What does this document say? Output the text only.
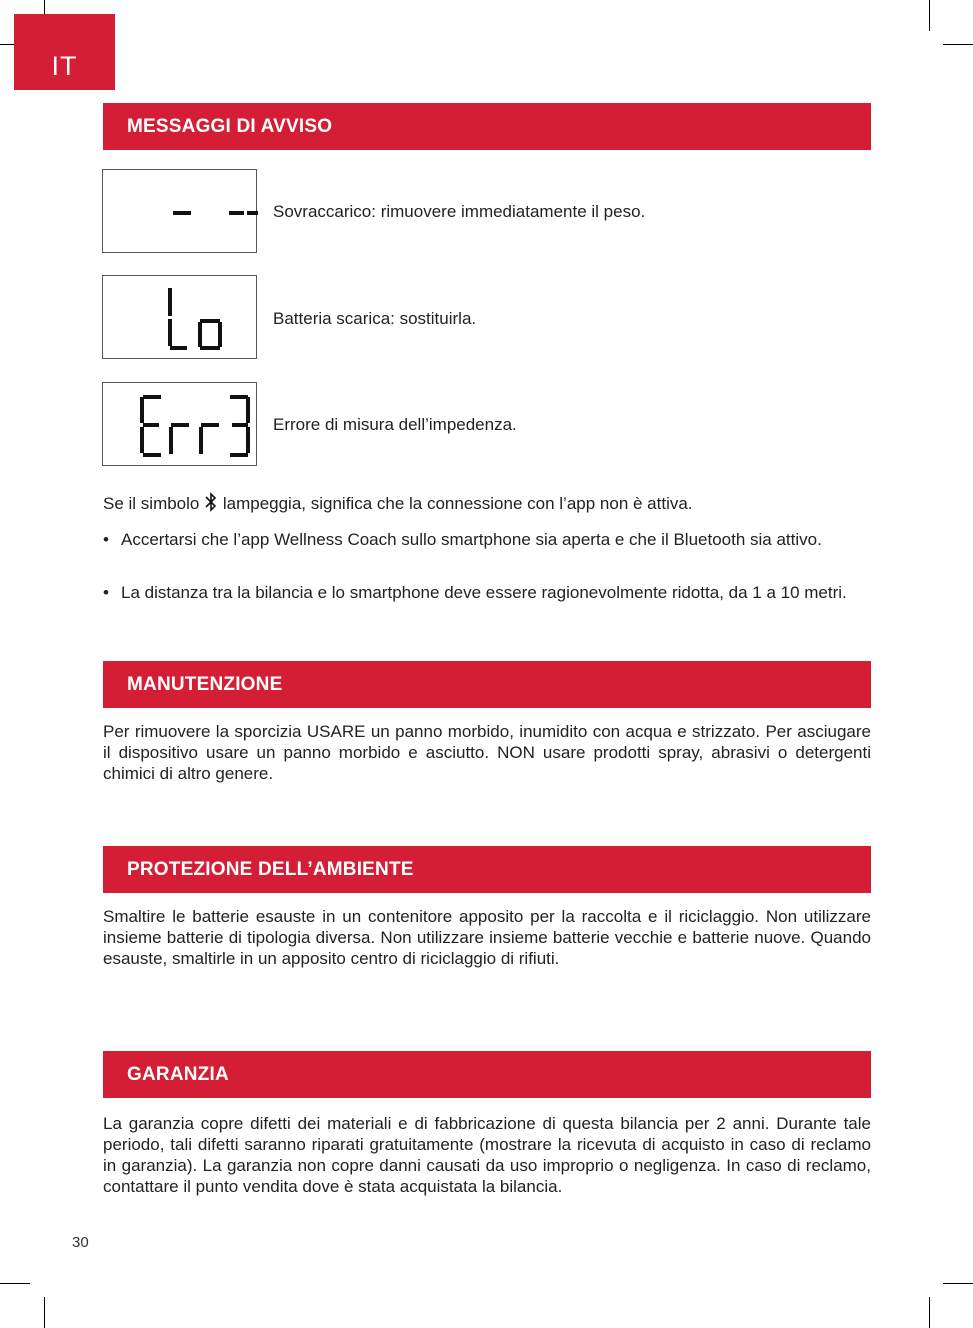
IT
MESSAGGI DI AVVISO
Sovraccarico: rimuovere immediatamente il peso.
Batteria scarica: sostituirla.
Errore di misura dell’impedenza.
Se il simbolo lampeggia, significa che la connessione con l’app non è attiva.
• Accertarsi che l’app Wellness Coach sullo smartphone sia aperta e che il Bluetooth sia attivo.
• La distanza tra la bilancia e lo smartphone deve essere ragionevolmente ridotta, da 1 a 10 metri.
MANUTENZIONE

Per rimuovere la sporcizia USARE un panno morbido, inumidito con acqua e strizzato. Per asciugare il dispositivo usare un panno morbido e asciutto. NON usare prodotti spray, abrasivi o detergenti chimici di altro genere.

PROTEZIONE DELL’AMBIENTE

Smaltire le batterie esauste in un contenitore apposito per la raccolta e il riciclaggio. Non utilizzare insieme batterie di tipologia diversa. Non utilizzare insieme batterie vecchie e batterie nuove. Quando esauste, smaltirle in un apposito centro di riciclaggio di rifiuti.

GARANZIA

La garanzia copre difetti dei materiali e di fabbricazione di questa bilancia per 2 anni. Durante tale periodo, tali difetti saranno riparati gratuitamente (mostrare la ricevuta di acquisto in caso di reclamo in garanzia). La garanzia non copre danni causati da uso improprio o negligenza. In caso di reclamo, contattare il punto vendita dove è stata acquistata la bilancia.

30
